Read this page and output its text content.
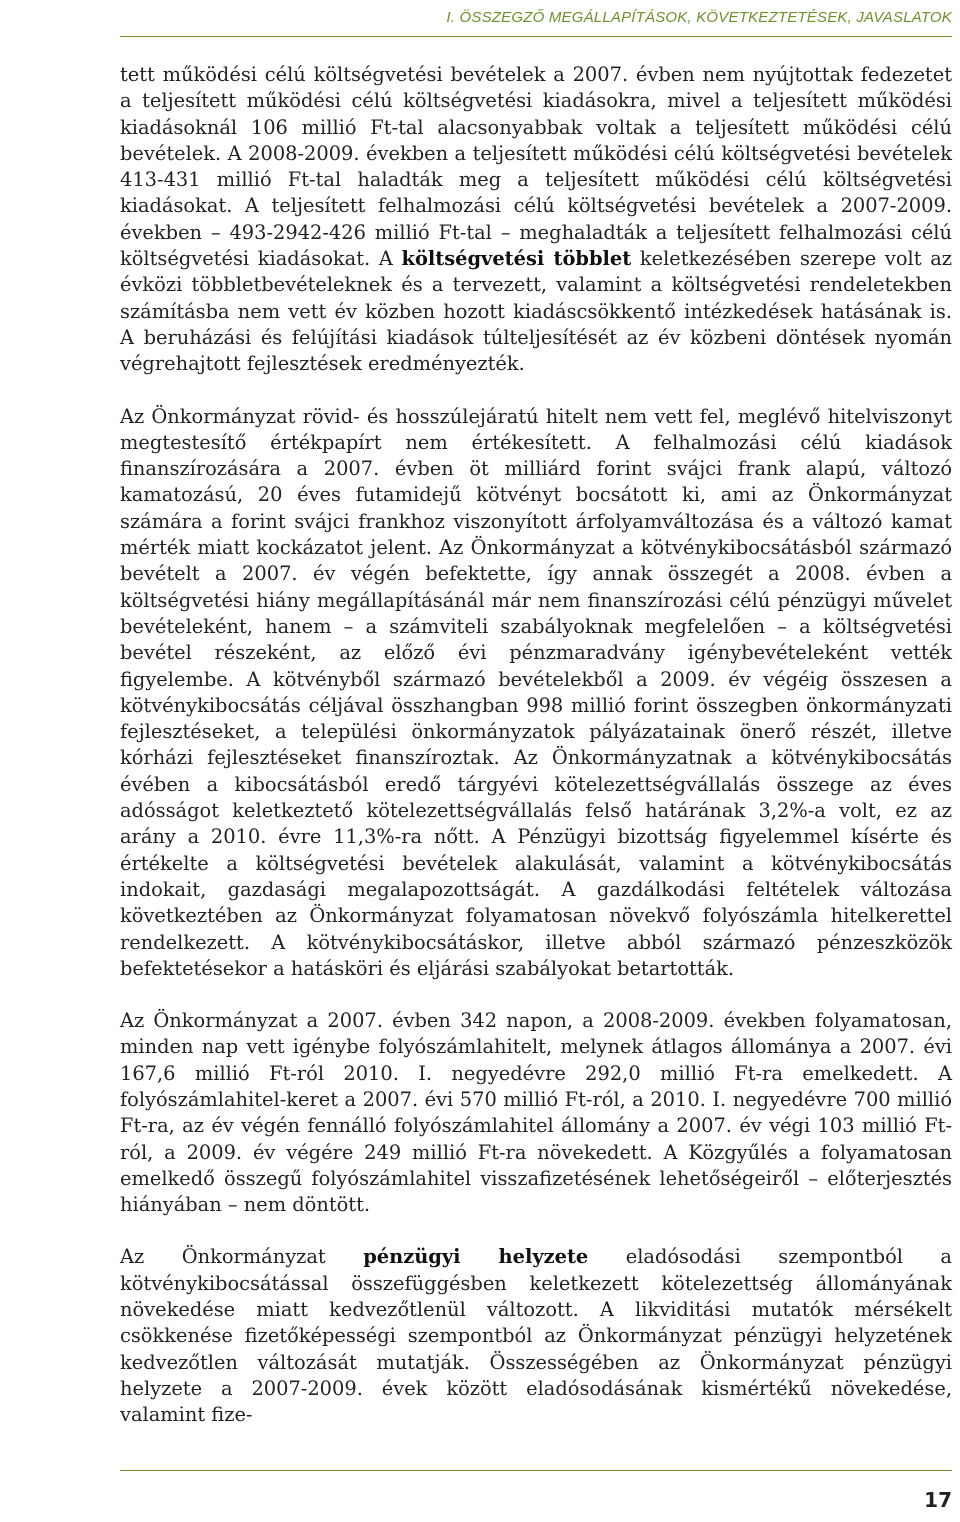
I. ÖSSZEGZŐ MEGÁLLAPÍTÁSOK, KÖVETKEZTETÉSEK, JAVASLATOK

tett működési célú költségvetési bevételek a 2007. évben nem nyújtottak fedezetet a teljesített működési célú költségvetési kiadásokra, mivel a teljesített működési kiadásoknál 106 millió Ft-tal alacsonyabbak voltak a teljesített működési célú bevételek. A 2008-2009. években a teljesített működési célú költségvetési bevételek 413-431 millió Ft-tal haladták meg a teljesített működési célú költségvetési kiadásokat. A teljesített felhalmozási célú költségvetési bevételek a 2007-2009. években – 493-2942-426 millió Ft-tal – meghaladták a teljesített felhalmozási célú költségvetési kiadásokat. A költségvetési többlet keletkezésében szerepe volt az évközi többletbevételeknek és a tervezett, valamint a költségvetési rendeletekben számításba nem vett év közben hozott kiadáscsökkentő intézkedések hatásának is. A beruházási és felújítási kiadások túlteljesítését az év közbeni döntések nyomán végrehajtott fejlesztések eredményezték.

Az Önkormányzat rövid- és hosszúlejáratú hitelt nem vett fel, meglévő hitelviszonyt megtestesítő értékpapírt nem értékesített. A felhalmozási célú kiadások finanszírozására a 2007. évben öt milliárd forint svájci frank alapú, változó kamatozású, 20 éves futamidejű kötvényt bocsátott ki, ami az Önkormányzat számára a forint svájci frankhoz viszonyított árfolyamváltozása és a változó kamat mérték miatt kockázatot jelent. Az Önkormányzat a kötvénykibocsátásból származó bevételt a 2007. év végén befektette, így annak összegét a 2008. évben a költségvetési hiány megállapításánál már nem finanszírozási célú pénzügyi művelet bevételeként, hanem – a számviteli szabályoknak megfelelően – a költségvetési bevétel részeként, az előző évi pénzmaradvány igénybevételeként vették figyelembe. A kötvényből származó bevételekből a 2009. év végéig összesen a kötvénykibocsátás céljával összhangban 998 millió forint összegben önkormányzati fejlesztéseket, a települési önkormányzatok pályázatainak önerő részét, illetve kórházi fejlesztéseket finanszíroztak. Az Önkormányzatnak a kötvénykibocsátás évében a kibocsátásból eredő tárgyévi kötelezettségvállalás összege az éves adósságot keletkeztető kötelezettségvállalás felső határának 3,2%-a volt, ez az arány a 2010. évre 11,3%-ra nőtt. A Pénzügyi bizottság figyelemmel kísérte és értékelte a költségvetési bevételek alakulását, valamint a kötvénykibocsátás indokait, gazdasági megalapozottságát. A gazdálkodási feltételek változása következtében az Önkormányzat folyamatosan növekvő folyószámla hitelkerettel rendelkezett. A kötvénykibocsátáskor, illetve abból származó pénzeszközök befektetésekor a hatásköri és eljárási szabályokat betartották.

Az Önkormányzat a 2007. évben 342 napon, a 2008-2009. években folyamatosan, minden nap vett igénybe folyószámlahitelt, melynek átlagos állománya a 2007. évi 167,6 millió Ft-ról 2010. I. negyedévre 292,0 millió Ft-ra emelkedett. A folyószámlahitel-keret a 2007. évi 570 millió Ft-ról, a 2010. I. negyedévre 700 millió Ft-ra, az év végén fennálló folyószámlahitel állomány a 2007. év végi 103 millió Ft-ról, a 2009. év végére 249 millió Ft-ra növekedett. A Közgyűlés a folyamatosan emelkedő összegű folyószámlahitel visszafizetésének lehetőségeiről – előterjesztés hiányában – nem döntött.

Az Önkormányzat pénzügyi helyzete eladósodási szempontból a kötvénykibocsátással összefüggésben keletkezett kötelezettség állományának növekedése miatt kedvezőtlenül változott. A likviditási mutatók mérsékelt csökkenése fizetőképességi szempontból az Önkormányzat pénzügyi helyzetének kedvezőtlen változását mutatják. Összességében az Önkormányzat pénzügyi helyzete a 2007-2009. évek között eladósodásának kismértékű növekedése, valamint fize-

17
